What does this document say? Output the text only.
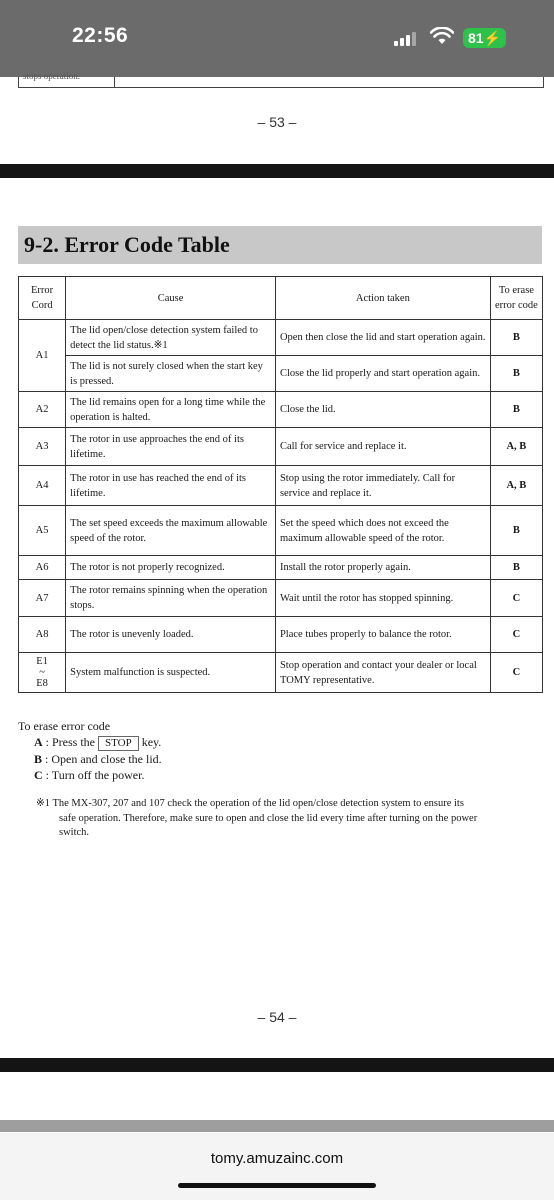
22:56	81⚡
stops operation.
– 53 –
9-2. Error Code Table
Error Cord	Cause	Action taken	To erase error code
A1	The lid open/close detection system failed to detect the lid status.※1	Open then close the lid and start operation again.	B
	The lid is not surely closed when the start key is pressed.	Close the lid properly and start operation again.	B
A2	The lid remains open for a long time while the operation is halted.	Close the lid.	B
A3	The rotor in use approaches the end of its lifetime.	Call for service and replace it.	A, B
A4	The rotor in use has reached the end of its lifetime.	Stop using the rotor immediately. Call for service and replace it.	A, B
A5	The set speed exceeds the maximum allowable speed of the rotor.	Set the speed which does not exceed the maximum allowable speed of the rotor.	B
A6	The rotor is not properly recognized.	Install the rotor properly again.	B
A7	The rotor remains spinning when the operation stops.	Wait until the rotor has stopped spinning.	C
A8	The rotor is unevenly loaded.	Place tubes properly to balance the rotor.	C

E1
~
E8	System malfunction is suspected.	Stop operation and contact your dealer or local TOMY representative.	C
To erase error code
A : Press the STOP key.
B : Open and close the lid.
C : Turn off the power.
※1 The MX-307, 207 and 107 check the operation of the lid open/close detection system to ensure its
safe operation. Therefore, make sure to open and close the lid every time after turning on the power
switch.
– 54 –
tomy.amuzainc.com
